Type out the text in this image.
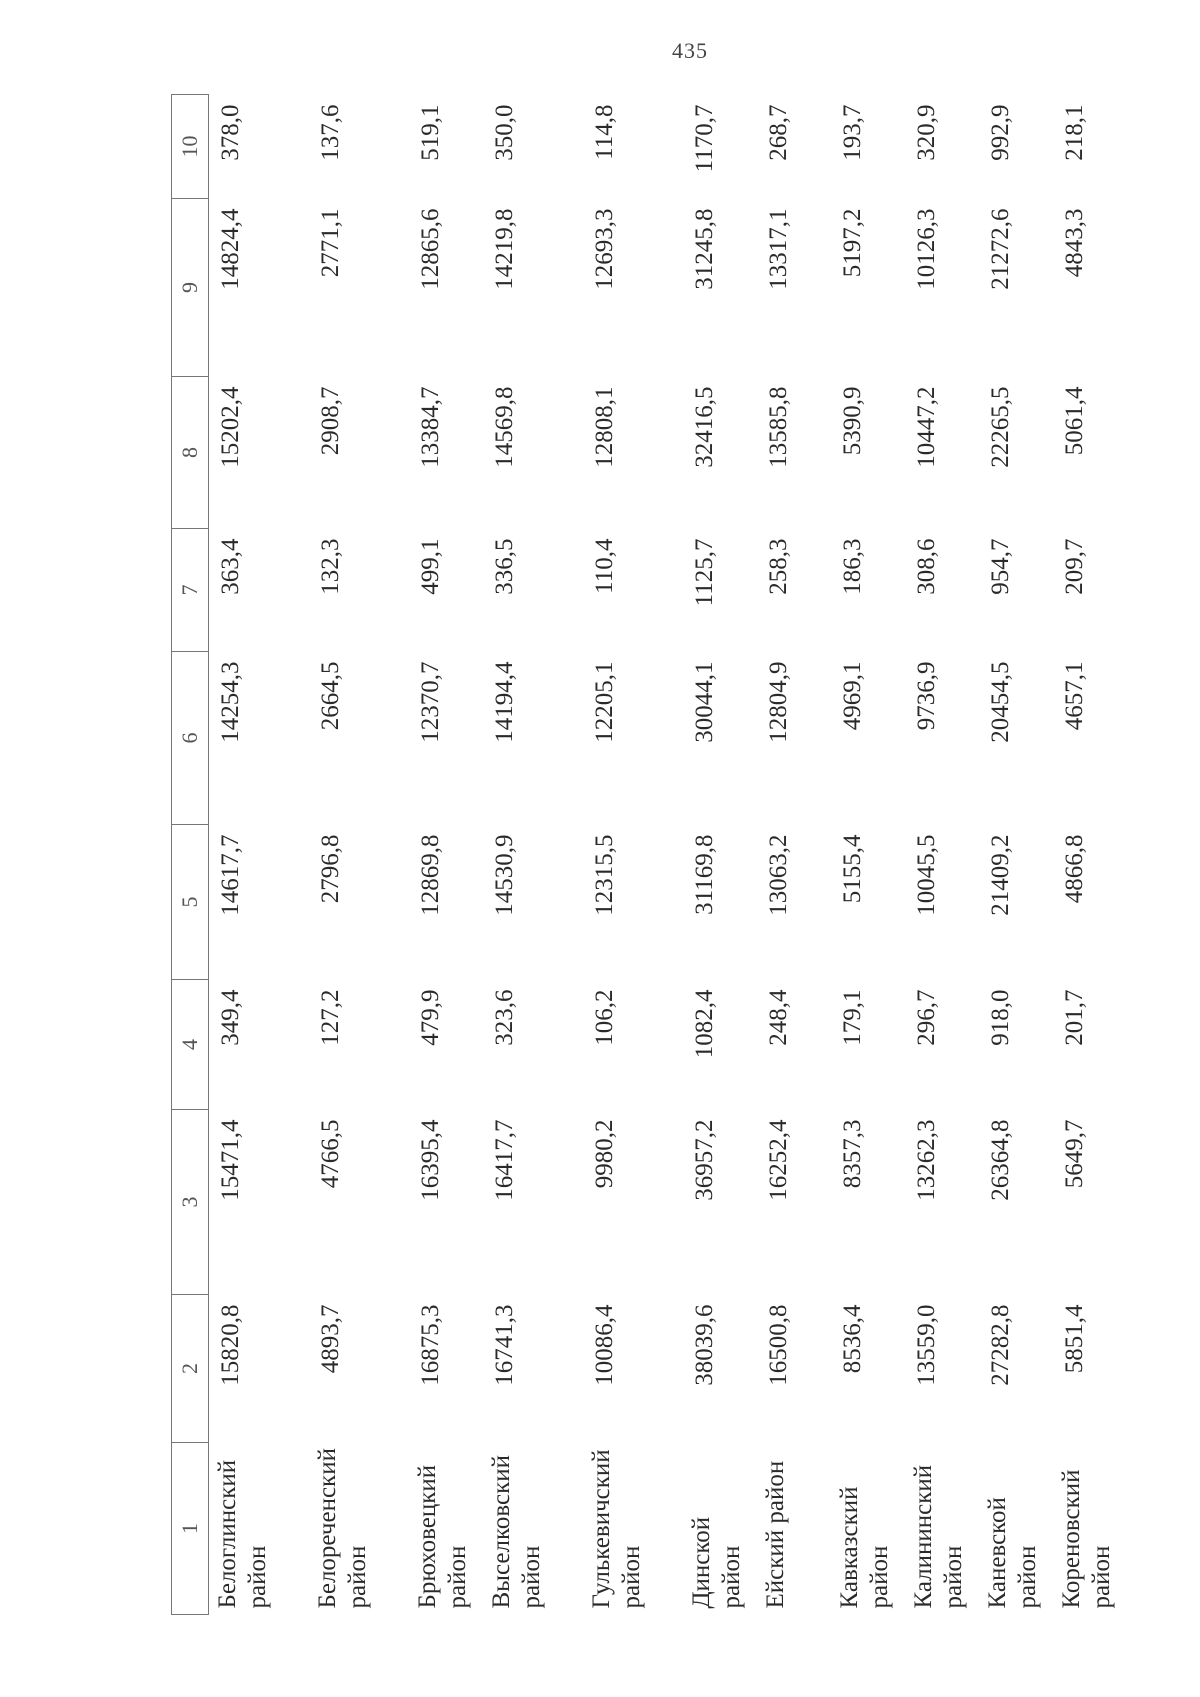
435
1	2	3	4	5	6	7	8	9	10
Белоглинский район	15820,8	15471,4	349,4	14617,7	14254,3	363,4	15202,4	14824,4	378,0
Белореченский район	4893,7	4766,5	127,2	2796,8	2664,5	132,3	2908,7	2771,1	137,6
Брюховецкий район	16875,3	16395,4	479,9	12869,8	12370,7	499,1	13384,7	12865,6	519,1
Выселковский район	16741,3	16417,7	323,6	14530,9	14194,4	336,5	14569,8	14219,8	350,0
Гулькевичский район	10086,4	9980,2	106,2	12315,5	12205,1	110,4	12808,1	12693,3	114,8
Динской район	38039,6	36957,2	1082,4	31169,8	30044,1	1125,7	32416,5	31245,8	1170,7
Ейский район	16500,8	16252,4	248,4	13063,2	12804,9	258,3	13585,8	13317,1	268,7
Кавказский район	8536,4	8357,3	179,1	5155,4	4969,1	186,3	5390,9	5197,2	193,7
Калининский район	13559,0	13262,3	296,7	10045,5	9736,9	308,6	10447,2	10126,3	320,9
Каневской район	27282,8	26364,8	918,0	21409,2	20454,5	954,7	22265,5	21272,6	992,9
Кореновский район	5851,4	5649,7	201,7	4866,8	4657,1	209,7	5061,4	4843,3	218,1
